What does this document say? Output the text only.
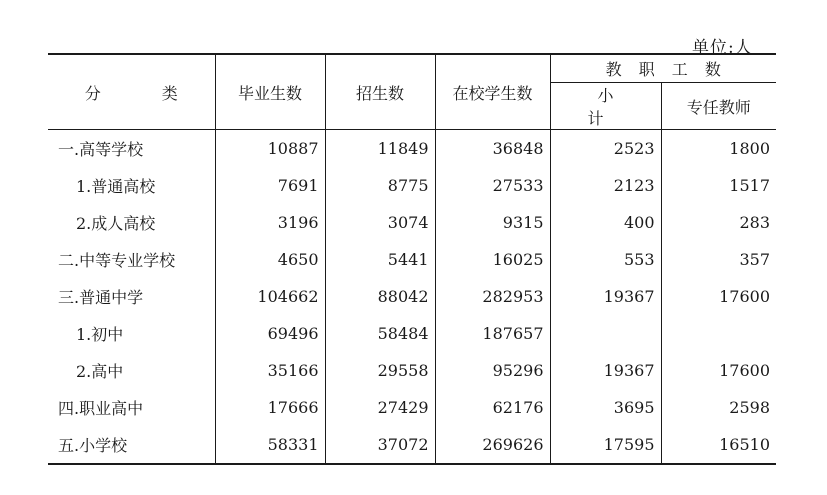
单位:人
分 类	毕业生数	招生数	在校学生数	教 职 工 数	
				小 计	专任教师
一.高等学校	10887	11849	36848	2523	1800
1.普通高校	7691	8775	27533	2123	1517
2.成人高校	3196	3074	9315	400	283
二.中等专业学校	4650	5441	16025	553	357
三.普通中学	104662	88042	282953	19367	17600
1.初中	69496	58484	187657		
2.高中	35166	29558	95296	19367	17600
四.职业高中	17666	27429	62176	3695	2598
五.小学校	58331	37072	269626	17595	16510
